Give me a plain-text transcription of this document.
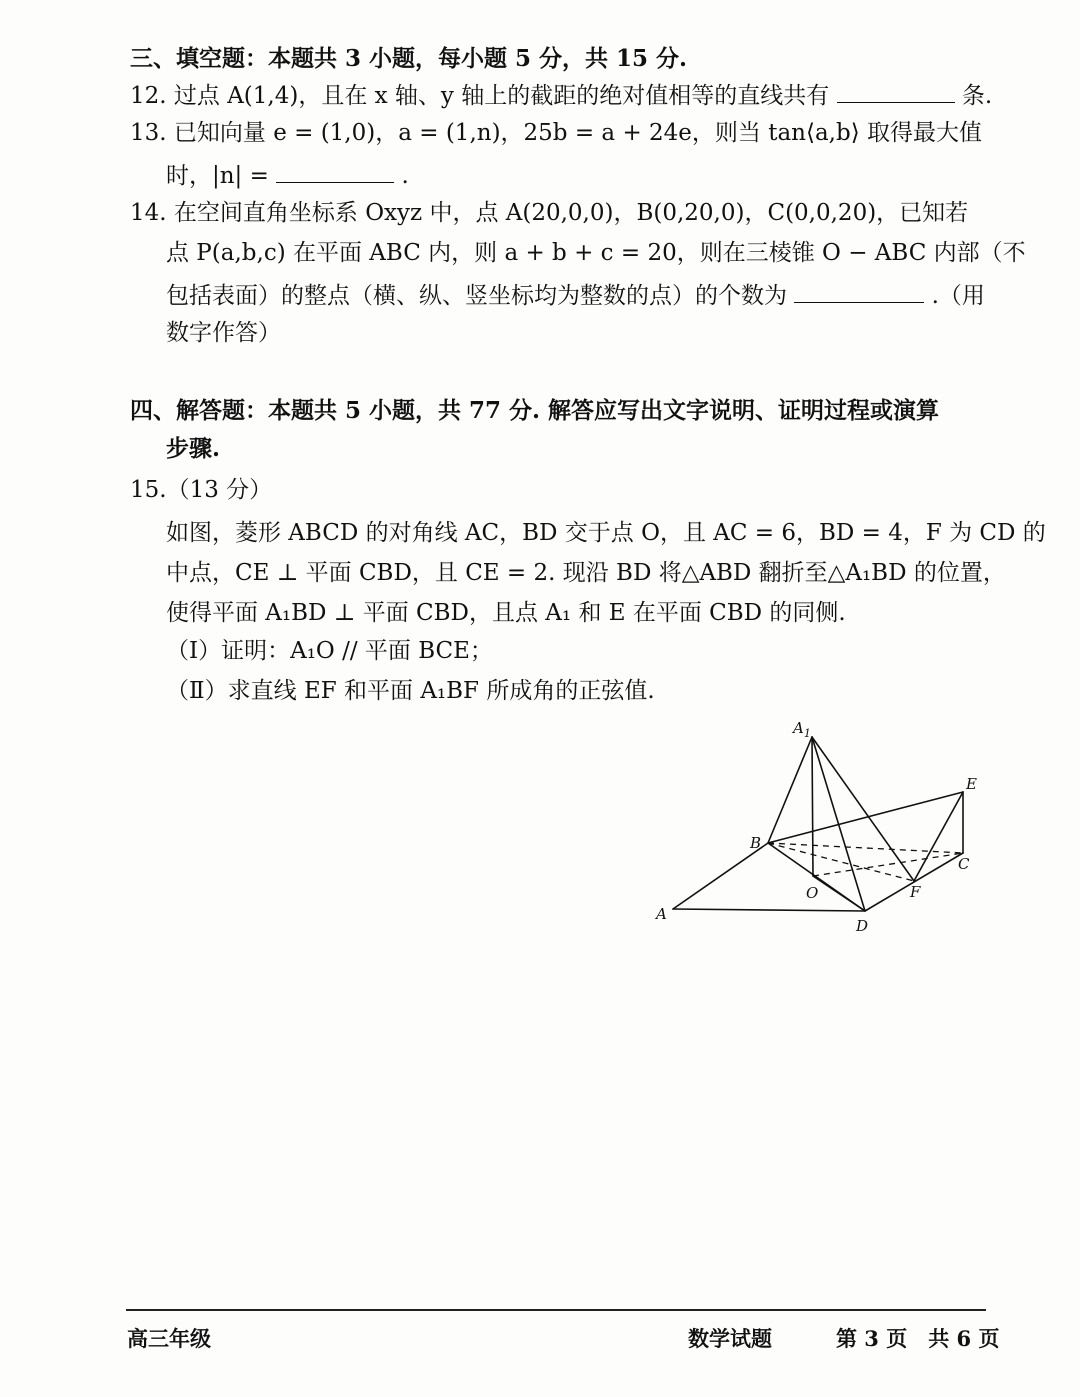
三、填空题：本题共 3 小题，每小题 5 分，共 15 分.
12. 过点 A(1,4)，且在 x 轴、y 轴上的截距的绝对值相等的直线共有	条.
13. 已知向量 e = (1,0)，a = (1,n)，25b = a + 24e，则当 tan⟨a,b⟩ 取得最大值
时，|n| =	.
14. 在空间直角坐标系 Oxyz 中，点 A(20,0,0)，B(0,20,0)，C(0,0,20)，已知若
点 P(a,b,c) 在平面 ABC 内，则 a + b + c = 20，则在三棱锥 O − ABC 内部（不
包括表面）的整点（横、纵、竖坐标均为整数的点）的个数为	.（用
数字作答）
四、解答题：本题共 5 小题，共 77 分. 解答应写出文字说明、证明过程或演算
步骤.
15.（13 分）
如图，菱形 ABCD 的对角线 AC，BD 交于点 O，且 AC = 6，BD = 4，F 为 CD 的
中点，CE ⊥ 平面 CBD，且 CE = 2. 现沿 BD 将△ABD 翻折至△A₁BD 的位置，
使得平面 A₁BD ⊥ 平面 CBD，且点 A₁ 和 E 在平面 CBD 的同侧.
（Ⅰ）证明：A₁O // 平面 BCE；
（Ⅱ）求直线 EF 和平面 A₁BF 所成角的正弦值.
$A_1$
E
B
C
O	F
A
D
高三年级	数学试题	第 3 页　共 6 页
